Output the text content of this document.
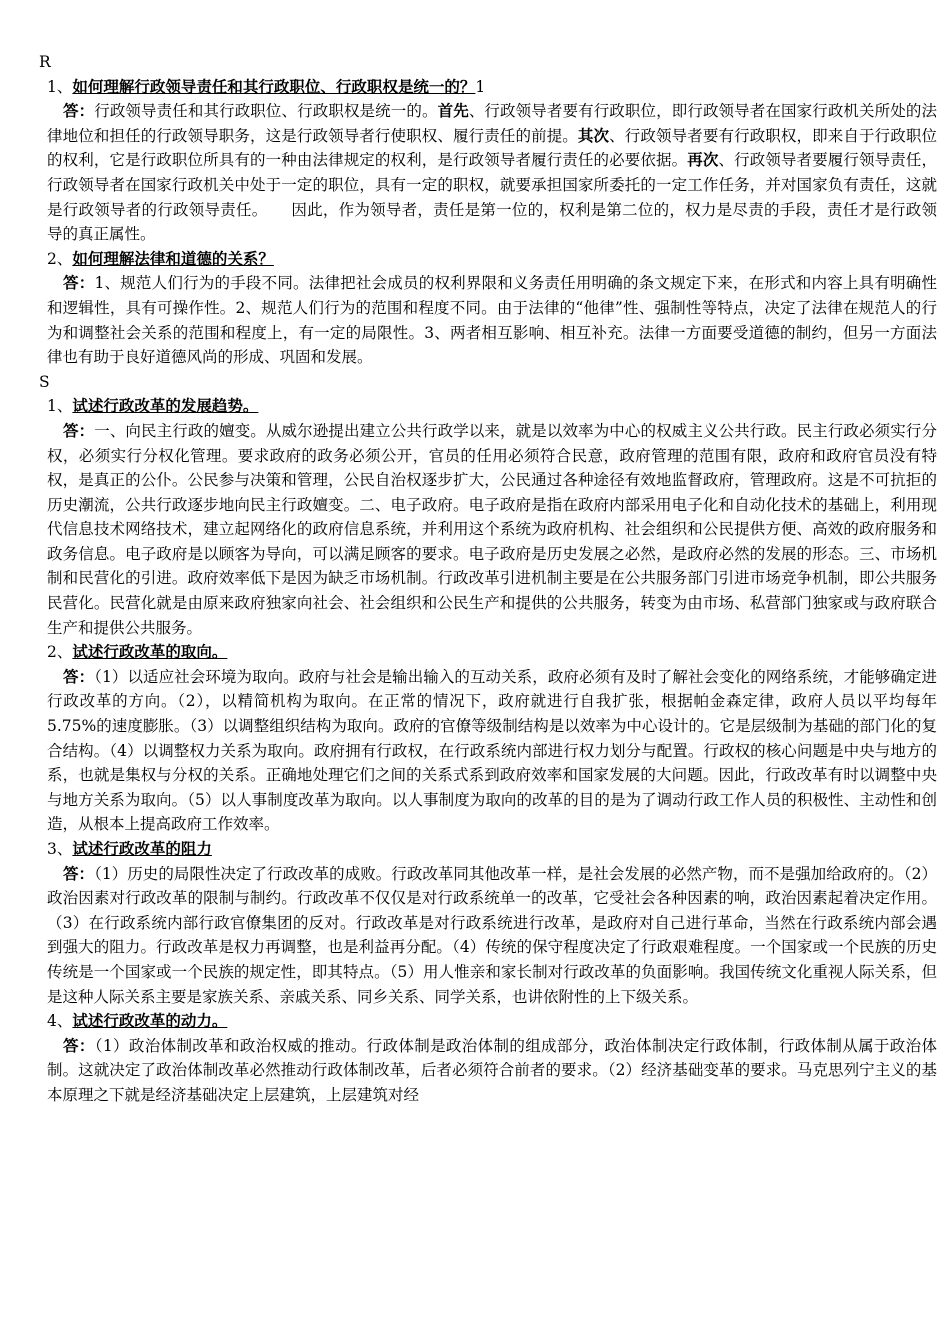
R

1、如何理解行政领导责任和其行政职位、行政职权是统一的？1

答：行政领导责任和其行政职位、行政职权是统一的。首先、行政领导者要有行政职位，即行政领导者在国家行政机关所处的法律地位和担任的行政领导职务，这是行政领导者行使职权、履行责任的前提。其次、行政领导者要有行政职权，即来自于行政职位的权利，它是行政职位所具有的一种由法律规定的权利，是行政领导者履行责任的必要依据。再次、行政领导者要履行领导责任，行政领导者在国家行政机关中处于一定的职位，具有一定的职权，就要承担国家所委托的一定工作任务，并对国家负有责任，这就是行政领导者的行政领导责任。　　因此，作为领导者，责任是第一位的，权利是第二位的，权力是尽责的手段，责任才是行政领导的真正属性。

2、如何理解法律和道德的关系？

答：1、规范人们行为的手段不同。法律把社会成员的权利界限和义务责任用明确的条文规定下来，在形式和内容上具有明确性和逻辑性，具有可操作性。2、规范人们行为的范围和程度不同。由于法律的“他律”性、强制性等特点，决定了法律在规范人的行为和调整社会关系的范围和程度上，有一定的局限性。3、两者相互影响、相互补充。法律一方面要受道德的制约，但另一方面法律也有助于良好道德风尚的形成、巩固和发展。

S

1、试述行政改革的发展趋势。

答：一、向民主行政的嬗变。从威尔逊提出建立公共行政学以来，就是以效率为中心的权威主义公共行政。民主行政必须实行分权，必须实行分权化管理。要求政府的政务必须公开，官员的任用必须符合民意，政府管理的范围有限，政府和政府官员没有特权，是真正的公仆。公民参与决策和管理，公民自治权逐步扩大，公民通过各种途径有效地监督政府，管理政府。这是不可抗拒的历史潮流，公共行政逐步地向民主行政嬗变。二、电子政府。电子政府是指在政府内部采用电子化和自动化技术的基础上，利用现代信息技术网络技术，建立起网络化的政府信息系统，并利用这个系统为政府机构、社会组织和公民提供方便、高效的政府服务和政务信息。电子政府是以顾客为导向，可以满足顾客的要求。电子政府是历史发展之必然，是政府必然的发展的形态。三、市场机制和民营化的引进。政府效率低下是因为缺乏市场机制。行政改革引进机制主要是在公共服务部门引进市场竞争机制，即公共服务民营化。民营化就是由原来政府独家向社会、社会组织和公民生产和提供的公共服务，转变为由市场、私营部门独家或与政府联合生产和提供公共服务。

2、试述行政改革的取向。

答：（1）以适应社会环境为取向。政府与社会是输出输入的互动关系，政府必须有及时了解社会变化的网络系统，才能够确定进行政改革的方向。（2），以精简机构为取向。在正常的情况下，政府就进行自我扩张，根据帕金森定律，政府人员以平均每年 5.75%的速度膨胀。（3）以调整组织结构为取向。政府的官僚等级制结构是以效率为中心设计的。它是层级制为基础的部门化的复合结构。（4）以调整权力关系为取向。政府拥有行政权，在行政系统内部进行权力划分与配置。行政权的核心问题是中央与地方的系，也就是集权与分权的关系。正确地处理它们之间的关系式系到政府效率和国家发展的大问题。因此，行政改革有时以调整中央与地方关系为取向。（5）以人事制度改革为取向。以人事制度为取向的改革的目的是为了调动行政工作人员的积极性、主动性和创造，从根本上提高政府工作效率。

3、试述行政改革的阻力

答：（1）历史的局限性决定了行政改革的成败。行政改革同其他改革一样，是社会发展的必然产物，而不是强加给政府的。（2）政治因素对行政改革的限制与制约。行政改革不仅仅是对行政系统单一的改革，它受社会各种因素的响，政治因素起着决定作用。（3）在行政系统内部行政官僚集团的反对。行政改革是对行政系统进行改革，是政府对自己进行革命，当然在行政系统内部会遇到强大的阻力。行政改革是权力再调整，也是利益再分配。（4）传统的保守程度决定了行政艰难程度。一个国家或一个民族的历史传统是一个国家或一个民族的规定性，即其特点。（5）用人惟亲和家长制对行政改革的负面影响。我国传统文化重视人际关系，但是这种人际关系主要是家族关系、亲戚关系、同乡关系、同学关系，也讲依附性的上下级关系。

4、试述行政改革的动力。

答：（1）政治体制改革和政治权威的推动。行政体制是政治体制的组成部分，政治体制决定行政体制，行政体制从属于政治体制。这就决定了政治体制改革必然推动行政体制改革，后者必须符合前者的要求。（2）经济基础变革的要求。马克思列宁主义的基本原理之下就是经济基础决定上层建筑，上层建筑对经
